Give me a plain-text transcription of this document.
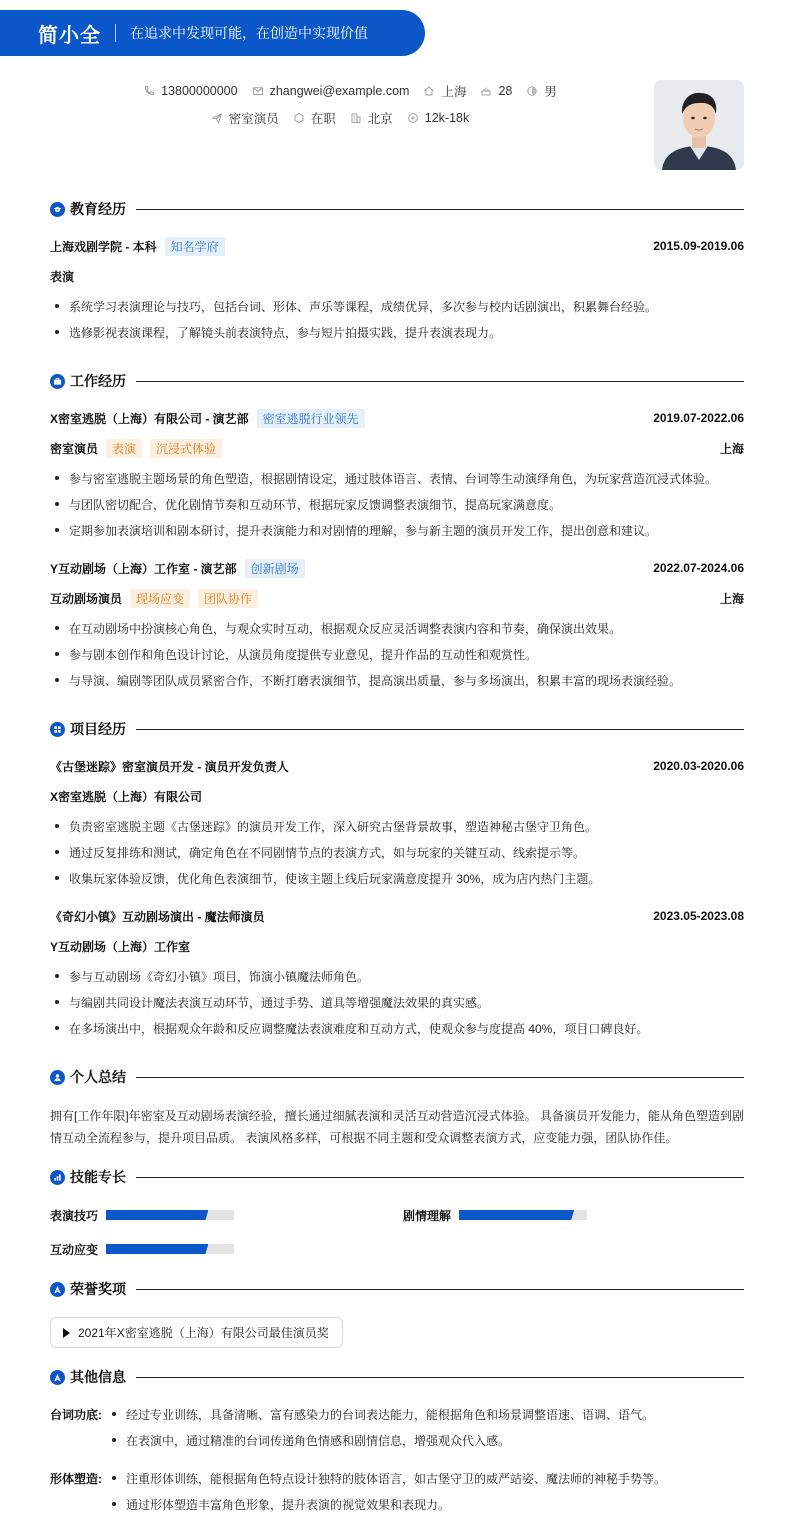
简小全 在追求中发现可能，在创造中实现价值
13800000000	zhangwei@example.com	上海	28	男
密室演员	在职	北京	12k-18k
教育经历
上海戏剧学院 - 本科	知名学府	2015.09-2019.06
表演
系统学习表演理论与技巧，包括台词、形体、声乐等课程，成绩优异，多次参与校内话剧演出，积累舞台经验。
选修影视表演课程，了解镜头前表演特点，参与短片拍摄实践，提升表演表现力。
工作经历
X密室逃脱（上海）有限公司 - 演艺部	密室逃脱行业领先	2019.07-2022.06
密室演员	表演	沉浸式体验	上海
参与密室逃脱主题场景的角色塑造，根据剧情设定，通过肢体语言、表情、台词等生动演绎角色，为玩家营造沉浸式体验。
与团队密切配合，优化剧情节奏和互动环节，根据玩家反馈调整表演细节，提高玩家满意度。
定期参加表演培训和剧本研讨，提升表演能力和对剧情的理解，参与新主题的演员开发工作，提出创意和建议。
Y互动剧场（上海）工作室 - 演艺部	创新剧场	2022.07-2024.06
互动剧场演员	现场应变	团队协作	上海
在互动剧场中扮演核心角色，与观众实时互动，根据观众反应灵活调整表演内容和节奏，确保演出效果。
参与剧本创作和角色设计讨论，从演员角度提供专业意见，提升作品的互动性和观赏性。
与导演、编剧等团队成员紧密合作，不断打磨表演细节，提高演出质量，参与多场演出，积累丰富的现场表演经验。
项目经历
《古堡迷踪》密室演员开发 - 演员开发负责人	2020.03-2020.06
X密室逃脱（上海）有限公司
负责密室逃脱主题《古堡迷踪》的演员开发工作，深入研究古堡背景故事，塑造神秘古堡守卫角色。
通过反复排练和测试，确定角色在不同剧情节点的表演方式，如与玩家的关键互动、线索提示等。
收集玩家体验反馈，优化角色表演细节，使该主题上线后玩家满意度提升 30%，成为店内热门主题。
《奇幻小镇》互动剧场演出 - 魔法师演员	2023.05-2023.08
Y互动剧场（上海）工作室
参与互动剧场《奇幻小镇》项目，饰演小镇魔法师角色。
与编剧共同设计魔法表演互动环节，通过手势、道具等增强魔法效果的真实感。
在多场演出中，根据观众年龄和反应调整魔法表演难度和互动方式，使观众参与度提高 40%，项目口碑良好。
个人总结
拥有[工作年限]年密室及互动剧场表演经验，擅长通过细腻表演和灵活互动营造沉浸式体验。 具备演员开发能力，能从角色塑造到剧情互动全流程参与，提升项目品质。 表演风格多样，可根据不同主题和受众调整表演方式，应变能力强，团队协作佳。
技能专长
表演技巧	剧情理解
互动应变
荣誉奖项
2021年X密室逃脱（上海）有限公司最佳演员奖
其他信息
台词功底: 经过专业训练，具备清晰、富有感染力的台词表达能力，能根据角色和场景调整语速、语调、语气。
在表演中，通过精准的台词传递角色情感和剧情信息，增强观众代入感。
形体塑造: 注重形体训练，能根据角色特点设计独特的肢体语言，如古堡守卫的威严站姿、魔法师的神秘手势等。
通过形体塑造丰富角色形象，提升表演的视觉效果和表现力。
